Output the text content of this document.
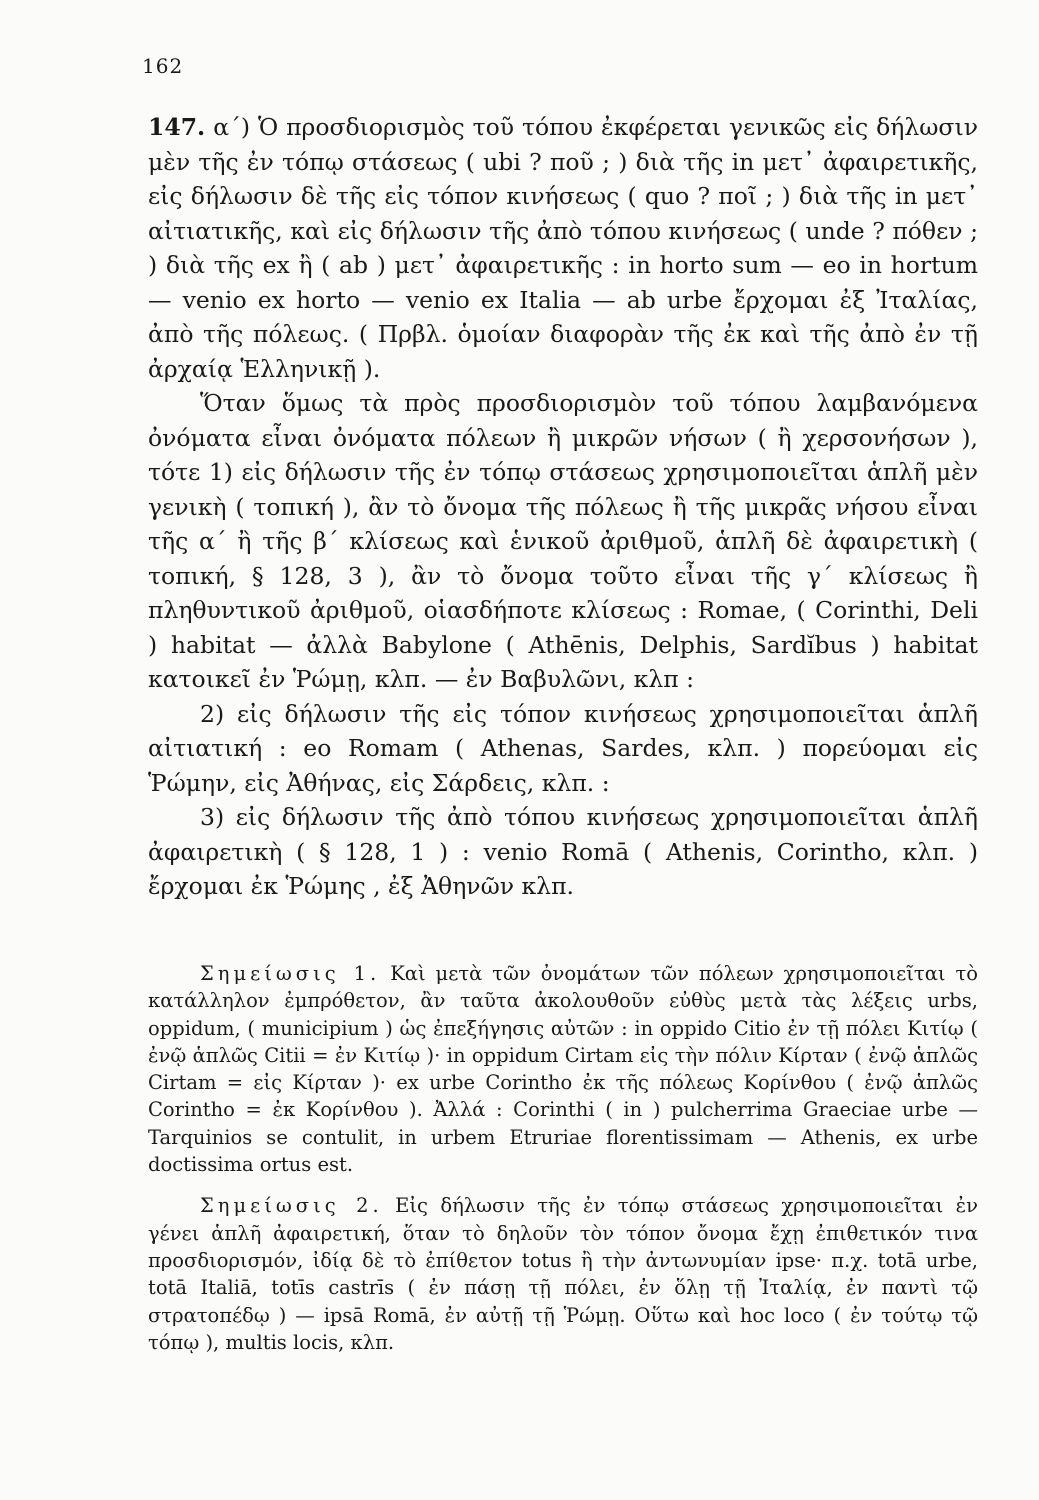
162

147. α΄) Ὁ προσδιορισμὸς τοῦ τόπου ἐκφέρεται γενικῶς εἰς δήλωσιν μὲν τῆς ἐν τόπῳ στάσεως ( ubi ? ποῦ ; ) διὰ τῆς in μετ᾿ ἀφαιρετικῆς, εἰς δήλωσιν δὲ τῆς εἰς τόπον κινήσεως ( quo ? ποῖ ; ) διὰ τῆς in μετ᾿ αἰτιατικῆς, καὶ εἰς δήλωσιν τῆς ἀπὸ τόπου κινήσεως ( unde ? πόθεν ; ) διὰ τῆς ex ἢ ( ab ) μετ᾿ ἀφαιρετικῆς : in horto sum — eo in hortum — venio ex horto — venio ex Italia — ab urbe ἔρχομαι ἐξ Ἰταλίας, ἀπὸ τῆς πόλεως. ( Πρβλ. ὁμοίαν διαφορὰν τῆς ἐκ καὶ τῆς ἀπὸ ἐν τῇ ἀρχαίᾳ Ἑλληνικῇ ).

Ὅταν ὅμως τὰ πρὸς προσδιορισμὸν τοῦ τόπου λαμβανόμενα ὀνόματα εἶναι ὀνόματα πόλεων ἢ μικρῶν νήσων ( ἢ χερσονήσων ), τότε 1) εἰς δήλωσιν τῆς ἐν τόπῳ στάσεως χρησιμοποιεῖται ἁπλῆ μὲν γενικὴ ( τοπική ), ἂν τὸ ὄνομα τῆς πόλεως ἢ τῆς μικρᾶς νήσου εἶναι τῆς α΄ ἢ τῆς β΄ κλίσεως καὶ ἑνικοῦ ἀριθμοῦ, ἁπλῆ δὲ ἀφαιρετικὴ ( τοπική, § 128, 3 ), ἂν τὸ ὄνομα τοῦτο εἶναι τῆς γ΄ κλίσεως ἢ πληθυντικοῦ ἀριθμοῦ, οἱασδήποτε κλίσεως : Romae, ( Corinthi, Deli ) habitat — ἀλλὰ Babylone ( Athēnis, Delphis, Sardĭbus ) habitat κατοικεῖ ἐν Ῥώμῃ, κλπ. — ἐν Βαβυλῶνι, κλπ :

2) εἰς δήλωσιν τῆς εἰς τόπον κινήσεως χρησιμοποιεῖται ἁπλῆ αἰτιατική : eo Romam ( Athenas, Sardes, κλπ. ) πορεύομαι εἰς Ῥώμην, εἰς Ἀθήνας, εἰς Σάρδεις, κλπ. :

3) εἰς δήλωσιν τῆς ἀπὸ τόπου κινήσεως χρησιμοποιεῖται ἁπλῆ ἀφαιρετικὴ ( § 128, 1 ) : venio Romā ( Athenis, Corintho, κλπ. ) ἔρχομαι ἐκ Ῥώμης , ἐξ Ἀθηνῶν κλπ.

Σημείωσις 1. Καὶ μετὰ τῶν ὀνομάτων τῶν πόλεων χρησιμοποιεῖται τὸ κατάλληλον ἐμπρόθετον, ἂν ταῦτα ἀκολουθοῦν εὐθὺς μετὰ τὰς λέξεις urbs, oppidum, ( municipium ) ὡς ἐπεξήγησις αὐτῶν : in oppido Citio ἐν τῇ πόλει Κιτίῳ ( ἐνῷ ἁπλῶς Citii = ἐν Κιτίῳ )· in oppidum Cirtam εἰς τὴν πόλιν Κίρταν ( ἐνῷ ἁπλῶς Cirtam = εἰς Κίρταν )· ex urbe Corintho ἐκ τῆς πόλεως Κορίνθου ( ἐνῷ ἁπλῶς Corintho = ἐκ Κορίνθου ). Ἀλλά : Corinthi ( in ) pulcherrima Graeciae urbe — Tarquinios se contulit, in urbem Etruriae florentissimam — Athenis, ex urbe doctissima ortus est.

Σημείωσις 2. Εἰς δήλωσιν τῆς ἐν τόπῳ στάσεως χρησιμοποιεῖται ἐν γένει ἁπλῆ ἀφαιρετική, ὅταν τὸ δηλοῦν τὸν τόπον ὄνομα ἔχῃ ἐπιθετικόν τινα προσδιορισμόν, ἰδίᾳ δὲ τὸ ἐπίθετον totus ἢ τὴν ἀντωνυμίαν ipse· π.χ. totā urbe, totā Italiā, totīs castrīs ( ἐν πάσῃ τῇ πόλει, ἐν ὅλῃ τῇ Ἰταλίᾳ, ἐν παντὶ τῷ στρατοπέδῳ ) — ipsā Romā, ἐν αὐτῇ τῇ Ῥώμῃ. Οὕτω καὶ hoc loco ( ἐν τούτῳ τῷ τόπῳ ), multis locis, κλπ.
